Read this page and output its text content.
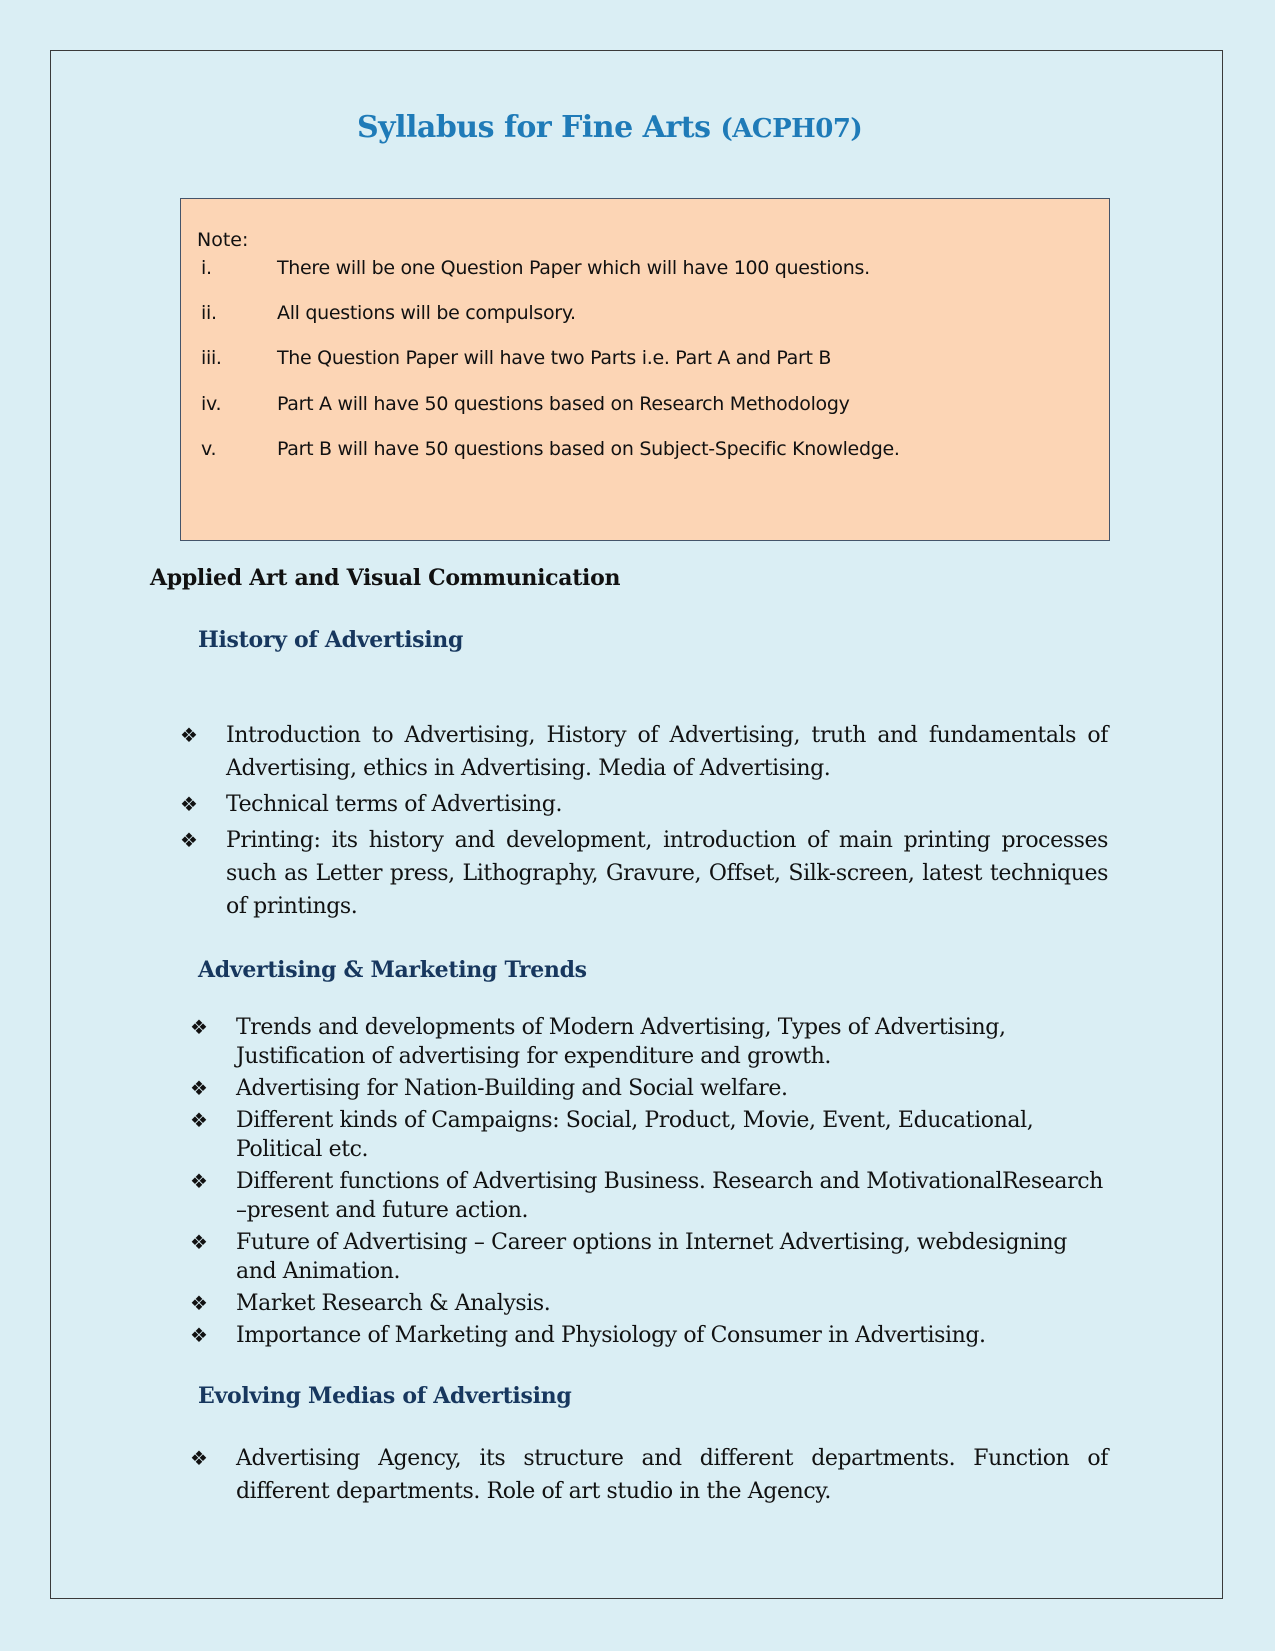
Syllabus for Fine Arts (ACPH07)
Note:
i.	There will be one Question Paper which will have 100 questions.
ii.	All questions will be compulsory.
iii.	The Question Paper will have two Parts i.e. Part A and Part B
iv.	Part A will have 50 questions based on Research Methodology
v.	Part B will have 50 questions based on Subject-Specific Knowledge.
Applied Art and Visual Communication
History of Advertising
❖ Introduction to Advertising, History of Advertising, truth and fundamentals of Advertising, ethics in Advertising. Media of Advertising.
❖ Technical terms of Advertising.
❖ Printing: its history and development, introduction of main printing processes such as Letter press, Lithography, Gravure, Offset, Silk-screen, latest techniques of printings.
Advertising & Marketing Trends
❖ Trends and developments of Modern Advertising, Types of Advertising, Justification of advertising for expenditure and growth.
❖ Advertising for Nation-Building and Social welfare.
❖ Different kinds of Campaigns: Social, Product, Movie, Event, Educational, Political etc.
❖ Different functions of Advertising Business. Research and MotivationalResearch –present and future action.
❖ Future of Advertising – Career options in Internet Advertising, webdesigning and Animation.
❖ Market Research & Analysis.
❖ Importance of Marketing and Physiology of Consumer in Advertising.
Evolving Medias of Advertising
❖ Advertising Agency, its structure and different departments. Function of different departments. Role of art studio in the Agency.
